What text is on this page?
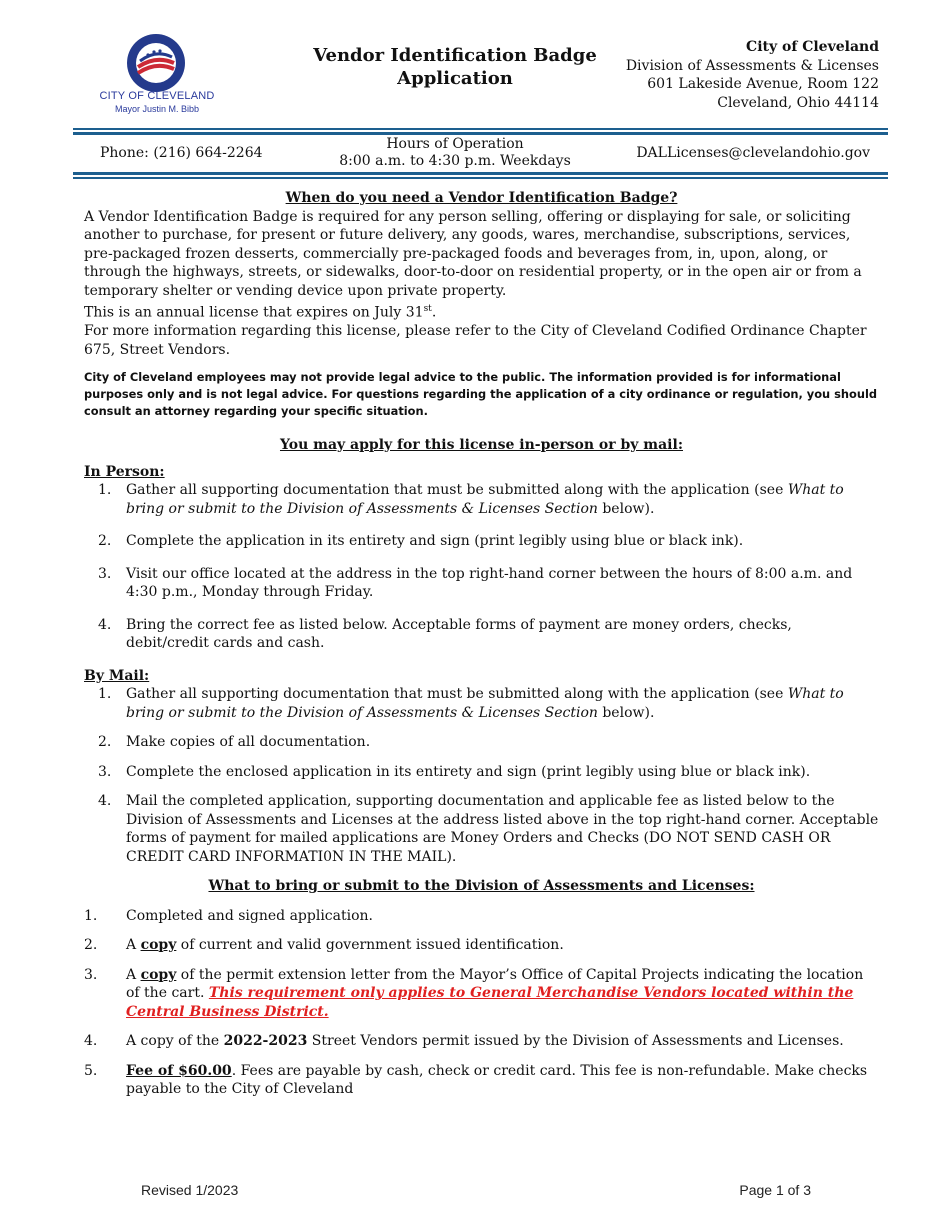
CITY OF CLEVELAND
Mayor Justin M. Bibb
Vendor Identification Badge
Application
City of Cleveland
Division of Assessments & Licenses
601 Lakeside Avenue, Room 122
Cleveland, Ohio 44114
Phone: (216) 664-2264
Hours of Operation
8:00 a.m. to 4:30 p.m. Weekdays	DALLicenses@clevelandohio.gov
When do you need a Vendor Identification Badge?

A Vendor Identification Badge is required for any person selling, offering or displaying for sale, or soliciting another to purchase, for present or future delivery, any goods, wares, merchandise, subscriptions, services, pre-packaged frozen desserts, commercially pre-packaged foods and beverages from, in, upon, along, or through the highways, streets, or sidewalks, door-to-door on residential property, or in the open air or from a temporary shelter or vending device upon private property.

This is an annual license that expires on July 31st.

For more information regarding this license, please refer to the City of Cleveland Codified Ordinance Chapter 675, Street Vendors.

City of Cleveland employees may not provide legal advice to the public. The information provided is for informational purposes only and is not legal advice. For questions regarding the application of a city ordinance or regulation, you should consult an attorney regarding your specific situation.

You may apply for this license in-person or by mail:
In Person:
1. Gather all supporting documentation that must be submitted along with the application (see What to bring or submit to the Division of Assessments & Licenses Section below).
2. Complete the application in its entirety and sign (print legibly using blue or black ink).
3. Visit our office located at the address in the top right-hand corner between the hours of 8:00 a.m. and 4:30 p.m., Monday through Friday.
4. Bring the correct fee as listed below. Acceptable forms of payment are money orders, checks, debit/credit cards and cash.
By Mail:
1. Gather all supporting documentation that must be submitted along with the application (see What to bring or submit to the Division of Assessments & Licenses Section below).
2. Make copies of all documentation.
3. Complete the enclosed application in its entirety and sign (print legibly using blue or black ink).
4. Mail the completed application, supporting documentation and applicable fee as listed below to the Division of Assessments and Licenses at the address listed above in the top right-hand corner. Acceptable forms of payment for mailed applications are Money Orders and Checks (DO NOT SEND CASH OR CREDIT CARD INFORMATI0N IN THE MAIL).
What to bring or submit to the Division of Assessments and Licenses:
1. Completed and signed application.
2. A copy of current and valid government issued identification.
3. A copy of the permit extension letter from the Mayor’s Office of Capital Projects indicating the location of the cart. This requirement only applies to General Merchandise Vendors located within the Central Business District.
4. A copy of the 2022-2023 Street Vendors permit issued by the Division of Assessments and Licenses.
5. Fee of $60.00. Fees are payable by cash, check or credit card. This fee is non-refundable. Make checks payable to the City of Cleveland
Revised 1/2023	Page 1 of 3
